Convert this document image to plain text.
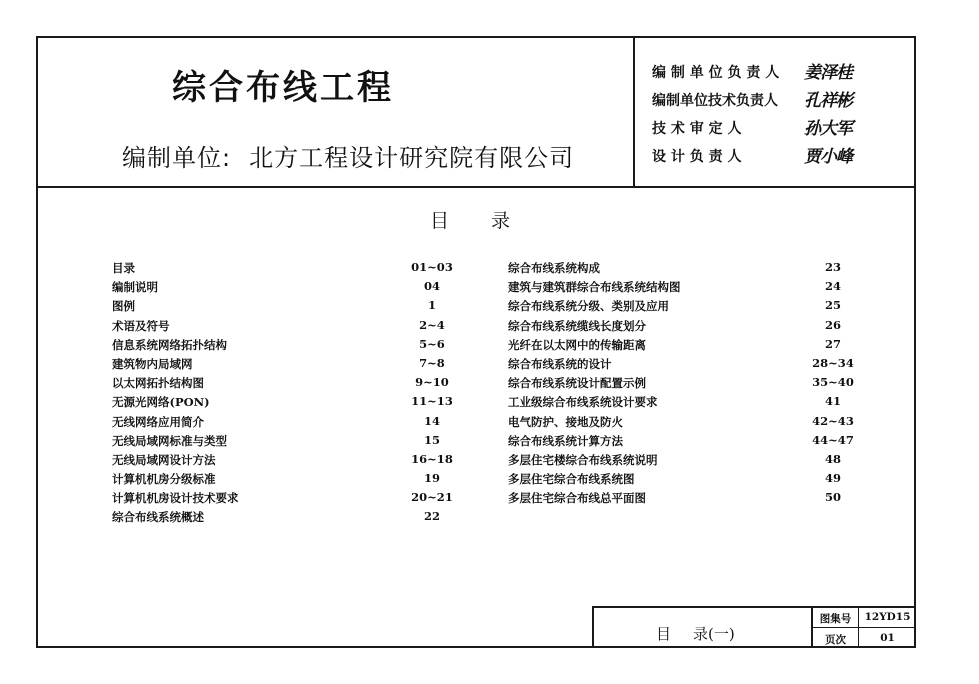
综合布线工程
编制单位: 北方工程设计研究院有限公司
编 制 单 位 负 责 人 姜泽桂
编制单位技术负责人 孔祥彬
技 术 审 定 人	孙大军
设 计 负 责 人	贾小峰
目 录
目录	01~03
编制说明	04
图例	1
术语及符号	2~4
信息系统网络拓扑结构	5~6
建筑物内局域网	7~8
以太网拓扑结构图	9~10
无源光网络(PON)	11~13
无线网络应用简介	14
无线局域网标准与类型	15
无线局域网设计方法	16~18
计算机机房分级标准	19
计算机机房设计技术要求	20~21
综合布线系统概述	22
综合布线系统构成	23
建筑与建筑群综合布线系统结构图	24
综合布线系统分级、类别及应用	25
综合布线系统缆线长度划分	26
光纤在以太网中的传输距离	27
综合布线系统的设计	28~34
综合布线系统设计配置示例	35~40
工业级综合布线系统设计要求	41
电气防护、接地及防火	42~43
综合布线系统计算方法	44~47
多层住宅楼综合布线系统说明	48
多层住宅综合布线系统图	49
多层住宅综合布线总平面图	50
目 录(一)
图集号	12YD15
页次	01
